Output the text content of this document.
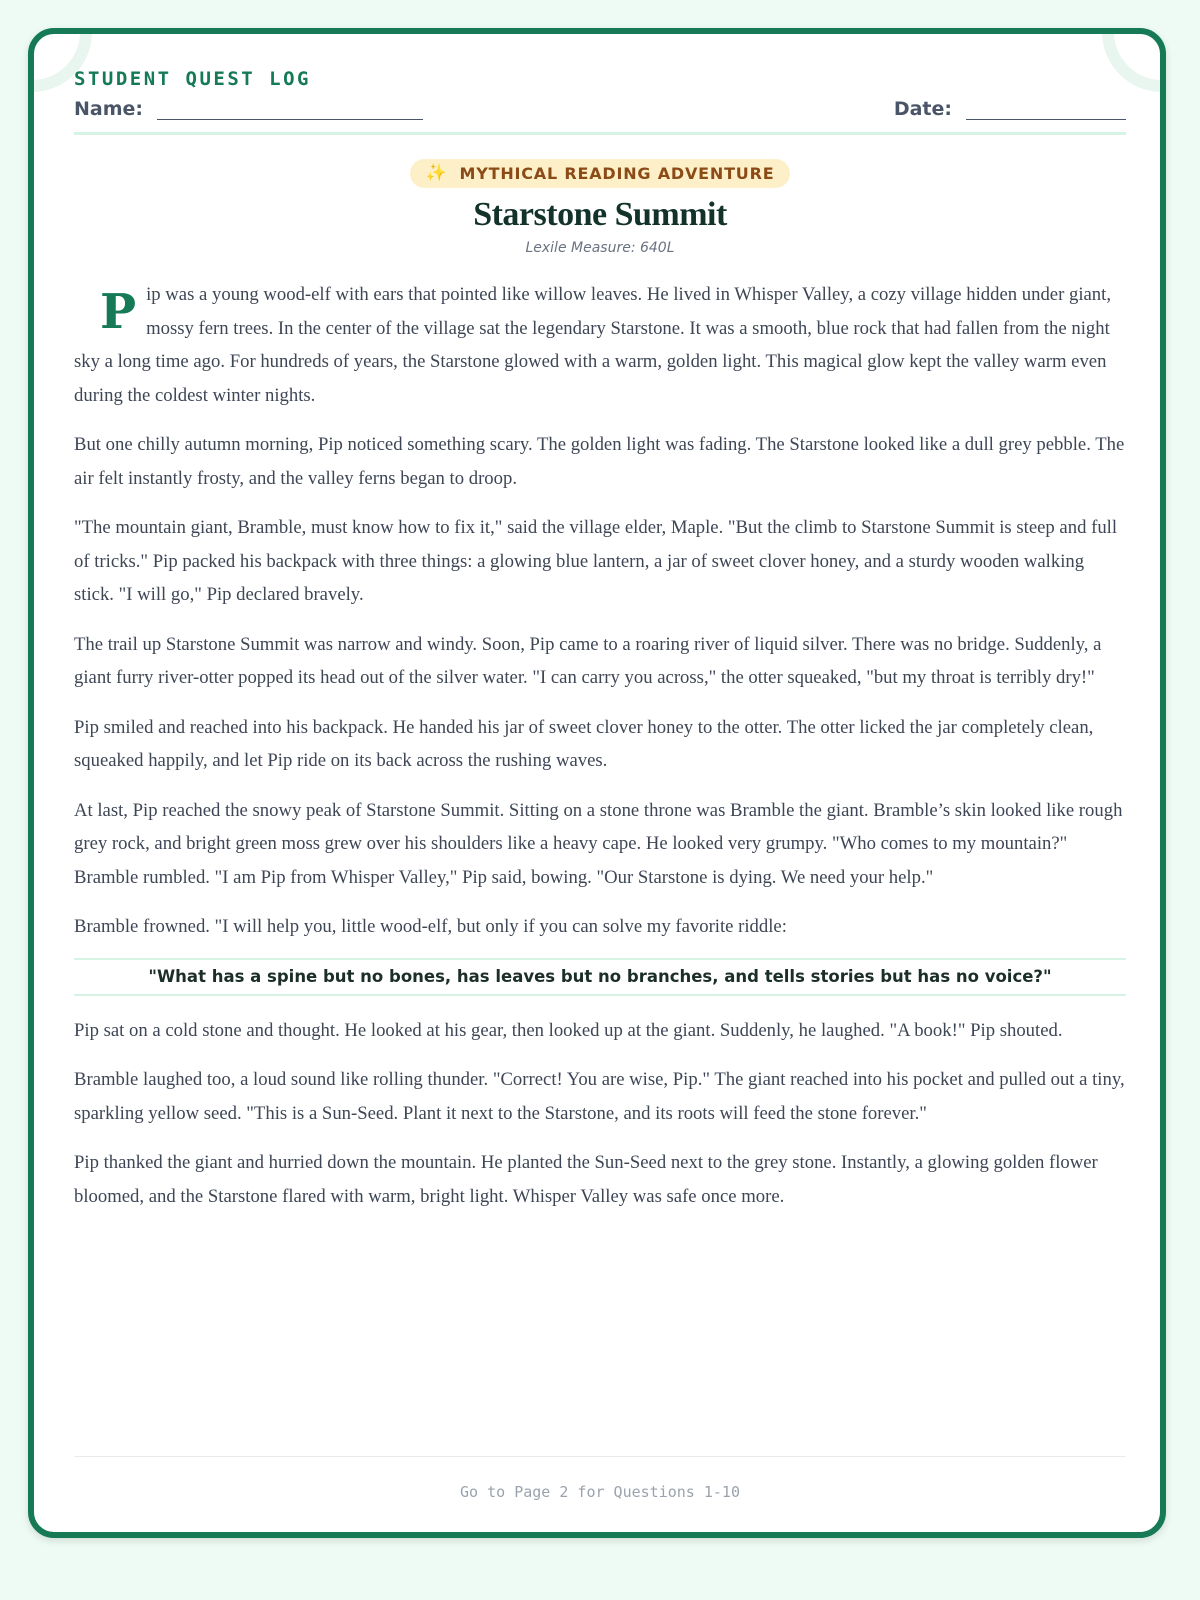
STUDENT QUEST LOG
Name:	Date:
✨ MYTHICAL READING ADVENTURE
Starstone Summit
Lexile Measure: 640L

Pip was a young wood-elf with ears that pointed like willow leaves. He lived in Whisper Valley, a cozy village hidden under giant, mossy fern trees. In the center of the village sat the legendary Starstone. It was a smooth, blue rock that had fallen from the night sky a long time ago. For hundreds of years, the Starstone glowed with a warm, golden light. This magical glow kept the valley warm even during the coldest winter nights.

But one chilly autumn morning, Pip noticed something scary. The golden light was fading. The Starstone looked like a dull grey pebble. The air felt instantly frosty, and the valley ferns began to droop.

"The mountain giant, Bramble, must know how to fix it," said the village elder, Maple. "But the climb to Starstone Summit is steep and full of tricks." Pip packed his backpack with three things: a glowing blue lantern, a jar of sweet clover honey, and a sturdy wooden walking stick. "I will go," Pip declared bravely.

The trail up Starstone Summit was narrow and windy. Soon, Pip came to a roaring river of liquid silver. There was no bridge. Suddenly, a giant furry river-otter popped its head out of the silver water. "I can carry you across," the otter squeaked, "but my throat is terribly dry!"

Pip smiled and reached into his backpack. He handed his jar of sweet clover honey to the otter. The otter licked the jar completely clean, squeaked happily, and let Pip ride on its back across the rushing waves.

At last, Pip reached the snowy peak of Starstone Summit. Sitting on a stone throne was Bramble the giant. Bramble’s skin looked like rough grey rock, and bright green moss grew over his shoulders like a heavy cape. He looked very grumpy. "Who comes to my mountain?" Bramble rumbled. "I am Pip from Whisper Valley," Pip said, bowing. "Our Starstone is dying. We need your help."

Bramble frowned. "I will help you, little wood-elf, but only if you can solve my favorite riddle:

"What has a spine but no bones, has leaves but no branches, and tells stories but has no voice?"

Pip sat on a cold stone and thought. He looked at his gear, then looked up at the giant. Suddenly, he laughed. "A book!" Pip shouted.

Bramble laughed too, a loud sound like rolling thunder. "Correct! You are wise, Pip." The giant reached into his pocket and pulled out a tiny, sparkling yellow seed. "This is a Sun-Seed. Plant it next to the Starstone, and its roots will feed the stone forever."

Pip thanked the giant and hurried down the mountain. He planted the Sun-Seed next to the grey stone. Instantly, a glowing golden flower bloomed, and the Starstone flared with warm, bright light. Whisper Valley was safe once more.

Go to Page 2 for Questions 1-10
